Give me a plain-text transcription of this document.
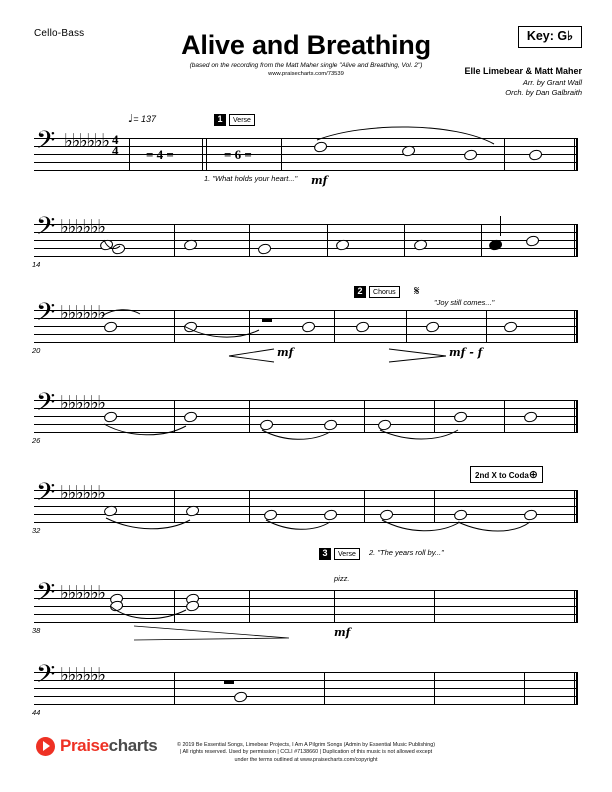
Cello-Bass	Key: G♭
Alive and Breathing
(based on the recording from the Matt Maher single "Alive and Breathing, Vol. 2")
www.praisecharts.com/73539	Elle Limebear & Matt Maher
Arr. by Grant Wall
Orch. by Dan Galbraith
♩= 137	1	Verse
𝄢 ♭♭♭♭♭♭ 4
4 = 4 =	= 6 =
1. "What holds your heart..." mf
𝄢 ♭♭♭♭♭♭
14
2	Chorus	𝄋
"Joy still comes..."
𝄢 ♭♭♭♭♭♭
mf	mf - f
20
𝄢 ♭♭♭♭♭♭
26
2nd X to Coda⊕
𝄢 ♭♭♭♭♭♭
32
3	Verse	2. "The years roll by..."
pizz.
𝄢 ♭♭♭♭♭♭
mf
38
𝄢 ♭♭♭♭♭♭
44
Praisecharts	© 2019 Be Essential Songs, Limebear Projects, I Am A Pilgrim Songs (Admin by Essential Music Publishing)
| All rights reserved. Used by permission | CCLI #7138660 | Duplication of this music is not allowed except
under the terms outlined at www.praisecharts.com/copyright
